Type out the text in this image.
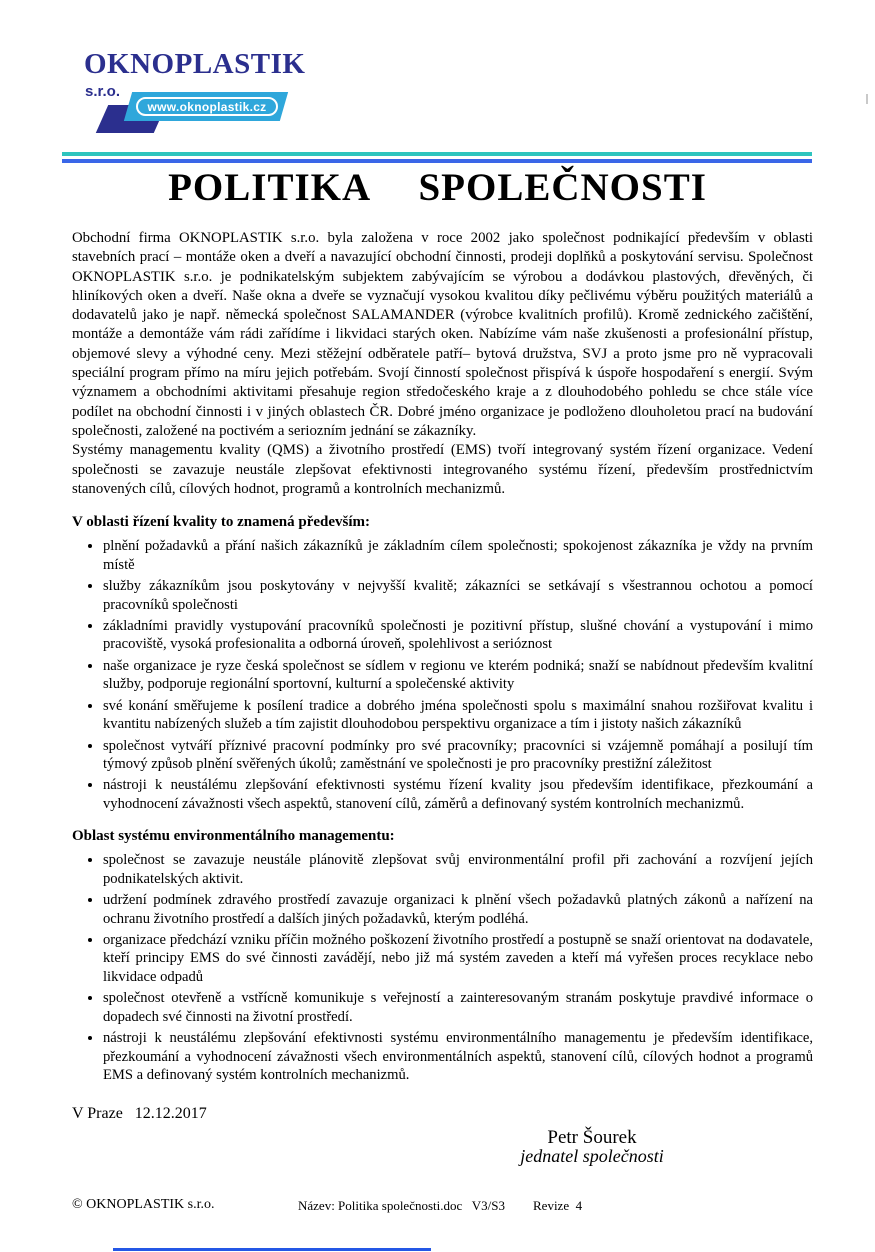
OKNOPLASTIK
s.r.o.
www.oknoplastik.cz
POLITIKA  SPOLEČNOSTI

Obchodní firma OKNOPLASTIK s.r.o. byla založena v roce 2002 jako společnost podnikající především v oblasti stavebních prací – montáže oken a dveří a navazující obchodní činnosti, prodeji doplňků a poskytování servisu. Společnost OKNOPLASTIK s.r.o. je podnikatelským subjektem zabývajícím se výrobou a dodávkou plastových, dřevěných, či hliníkových oken a dveří. Naše okna a dveře se vyznačují vysokou kvalitou díky pečlivému výběru použitých materiálů a dodavatelů jako je např. německá společnost SALAMANDER (výrobce kvalitních profilů). Kromě zednického začištění, montáže a demontáže vám rádi zařídíme i likvidaci starých oken. Nabízíme vám naše zkušenosti a profesionální přístup, objemové slevy a výhodné ceny. Mezi stěžejní odběratele patří– bytová družstva, SVJ a proto jsme pro ně vypracovali speciální program přímo na míru jejich potřebám. Svojí činností společnost přispívá k úspoře hospodaření s energií. Svým významem a obchodními aktivitami přesahuje region středočeského kraje a z dlouhodobého pohledu se chce stále více podílet na obchodní činnosti i v jiných oblastech ČR. Dobré jméno organizace je podloženo dlouholetou prací na budování společnosti, založené na poctivém a seriozním jednání se zákazníky.

Systémy managementu kvality (QMS) a životního prostředí (EMS) tvoří integrovaný systém řízení organizace. Vedení společnosti se zavazuje neustále zlepšovat efektivnosti integrovaného systému řízení, především prostřednictvím stanovených cílů, cílových hodnot, programů a kontrolních mechanizmů.

V oblasti řízení kvality to znamená především:
• plnění požadavků a přání našich zákazníků je základním cílem společnosti; spokojenost zákazníka je vždy na prvním místě
• služby zákazníkům jsou poskytovány v nejvyšší kvalitě; zákazníci se setkávají s všestrannou ochotou a pomocí pracovníků společnosti
• základními pravidly vystupování pracovníků společnosti je pozitivní přístup, slušné chování a vystupování i mimo pracoviště, vysoká profesionalita a odborná úroveň, spolehlivost a serióznost
• naše organizace je ryze česká společnost se sídlem v regionu ve kterém podniká; snaží se nabídnout především kvalitní služby, podporuje regionální sportovní, kulturní a společenské aktivity
• své konání směřujeme k posílení tradice a dobrého jména společnosti spolu s maximální snahou rozšiřovat kvalitu i kvantitu nabízených služeb a tím zajistit dlouhodobou perspektivu organizace a tím i jistoty našich zákazníků
• společnost vytváří příznivé pracovní podmínky pro své pracovníky; pracovníci si vzájemně pomáhají a posilují tím týmový způsob plnění svěřených úkolů; zaměstnání ve společnosti je pro pracovníky prestižní záležitost
• nástroji k neustálému zlepšování efektivnosti systému řízení kvality jsou především identifikace, přezkoumání a vyhodnocení závažnosti všech aspektů, stanovení cílů, záměrů a definovaný systém kontrolních mechanizmů.
Oblast systému environmentálního managementu:
• společnost se zavazuje neustále plánovitě zlepšovat svůj environmentální profil při zachování a rozvíjení jejích podnikatelských aktivit.
• udržení podmínek zdravého prostředí zavazuje organizaci k plnění všech požadavků platných zákonů a nařízení na ochranu životního prostředí a dalších jiných požadavků, kterým podléhá.
• organizace předchází vzniku příčin možného poškození životního prostředí a postupně se snaží orientovat na dodavatele, kteří principy EMS do své činnosti zavádějí, nebo již má systém zaveden a kteří má vyřešen proces recyklace nebo likvidace odpadů
• společnost otevřeně a vstřícně komunikuje s veřejností a zainteresovaným stranám poskytuje pravdivé informace o dopadech své činnosti na životní prostředí.
• nástroji k neustálému zlepšování efektivnosti systému environmentálního managementu je především identifikace, přezkoumání a vyhodnocení závažnosti všech environmentálních aspektů, stanovení cílů, cílových hodnot a programů EMS a definovaný systém kontrolních mechanizmů.
V Praze   12.12.2017
Petr Šourek
jednatel společnosti
© OKNOPLASTIK s.r.o.	Název: Politika společnosti.doc   V3/S3 Revize  4
